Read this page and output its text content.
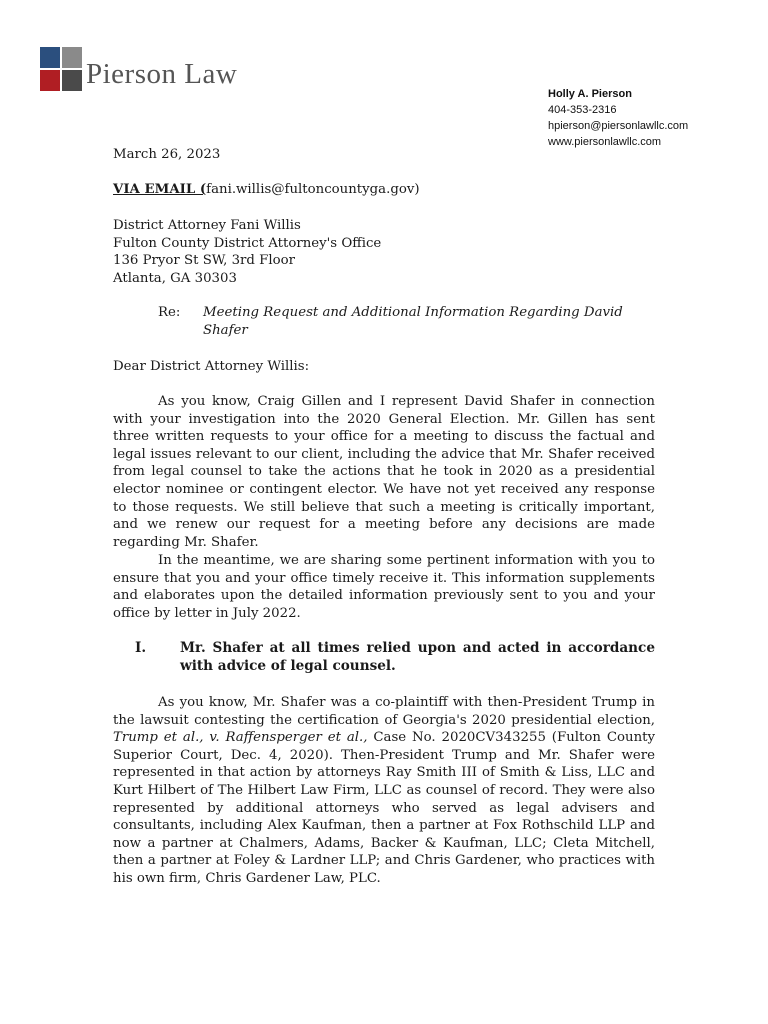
Pierson Law
Holly A. Pierson
404-353-2316
hpierson@piersonlawllc.com
www.piersonlawllc.com
March 26, 2023
VIA EMAIL (fani.willis@fultoncountyga.gov)
District Attorney Fani Willis
Fulton County District Attorney's Office
136 Pryor St SW, 3rd Floor
Atlanta, GA 30303
Re:	Meeting Request and Additional Information Regarding David Shafer
Dear District Attorney Willis:

As you know, Craig Gillen and I represent David Shafer in connection with your investigation into the 2020 General Election. Mr. Gillen has sent three written requests to your office for a meeting to discuss the factual and legal issues relevant to our client, including the advice that Mr. Shafer received from legal counsel to take the actions that he took in 2020 as a presidential elector nominee or contingent elector. We have not yet received any response to those requests. We still believe that such a meeting is critically important, and we renew our request for a meeting before any decisions are made regarding Mr. Shafer.

In the meantime, we are sharing some pertinent information with you to ensure that you and your office timely receive it. This information supplements and elaborates upon the detailed information previously sent to you and your office by letter in July 2022.

I.	Mr. Shafer at all times relied upon and acted in accordance with advice of legal counsel.

As you know, Mr. Shafer was a co-plaintiff with then-President Trump in the lawsuit contesting the certification of Georgia's 2020 presidential election, Trump et al., v. Raffensperger et al., Case No. 2020CV343255 (Fulton County Superior Court, Dec. 4, 2020). Then-President Trump and Mr. Shafer were represented in that action by attorneys Ray Smith III of Smith & Liss, LLC and Kurt Hilbert of The Hilbert Law Firm, LLC as counsel of record. They were also represented by additional attorneys who served as legal advisers and consultants, including Alex Kaufman, then a partner at Fox Rothschild LLP and now a partner at Chalmers, Adams, Backer & Kaufman, LLC; Cleta Mitchell, then a partner at Foley & Lardner LLP; and Chris Gardener, who practices with his own firm, Chris Gardener Law, PLC.
